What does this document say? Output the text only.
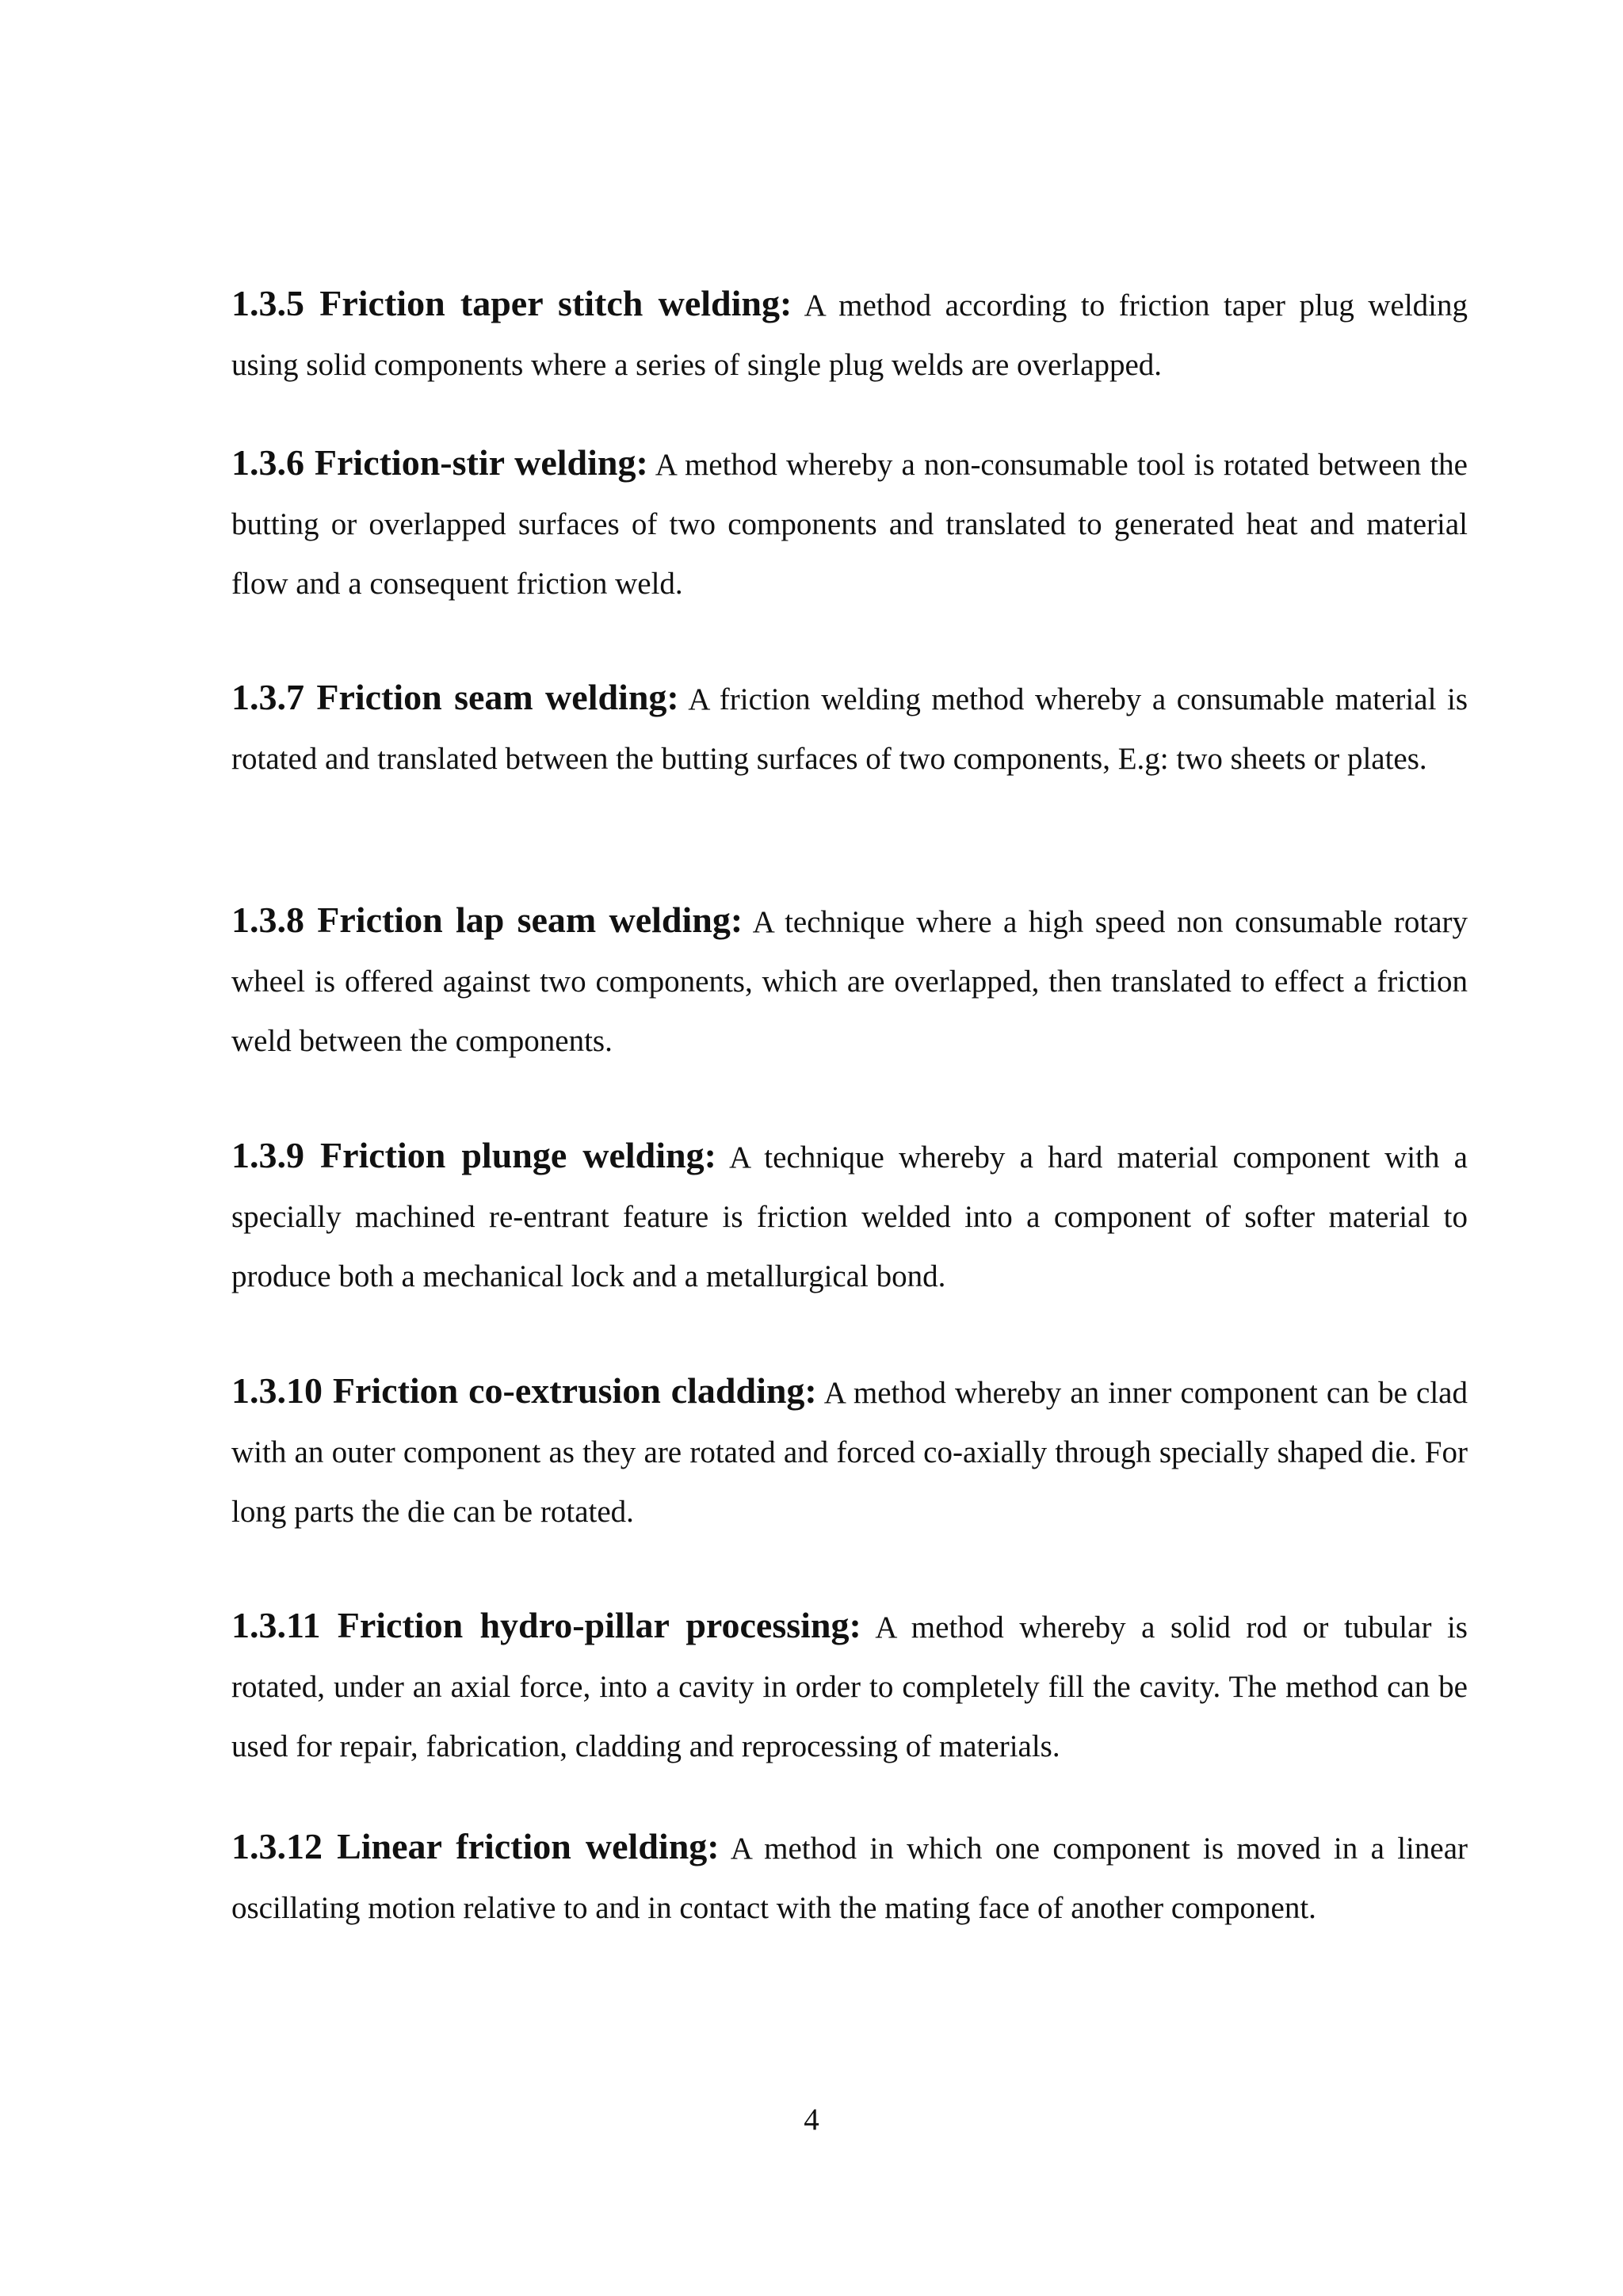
1.3.5 Friction taper stitch welding: A method according to friction taper plug welding using solid components where a series of single plug welds are overlapped.

1.3.6 Friction-stir welding: A method whereby a non-consumable tool is rotated between the butting or overlapped surfaces of two components and translated to generated heat and material flow and a consequent friction weld.

1.3.7 Friction seam welding: A friction welding method whereby a consumable material is rotated and translated between the butting surfaces of two components, E.g: two sheets or plates.

1.3.8 Friction lap seam welding: A technique where a high speed non consumable rotary wheel is offered against two components, which are overlapped, then translated to effect a friction weld between the components.

1.3.9 Friction plunge welding: A technique whereby a hard material component with a specially machined re-entrant feature is friction welded into a component of softer material to produce both a mechanical lock and a metallurgical bond.

1.3.10 Friction co-extrusion cladding: A method whereby an inner component can be clad with an outer component as they are rotated and forced co-axially through specially shaped die. For long parts the die can be rotated.

1.3.11 Friction hydro-pillar processing: A method whereby a solid rod or tubular is rotated, under an axial force, into a cavity in order to completely fill the cavity. The method can be used for repair, fabrication, cladding and reprocessing of materials.

1.3.12 Linear friction welding: A method in which one component is moved in a linear oscillating motion relative to and in contact with the mating face of another component.

4
